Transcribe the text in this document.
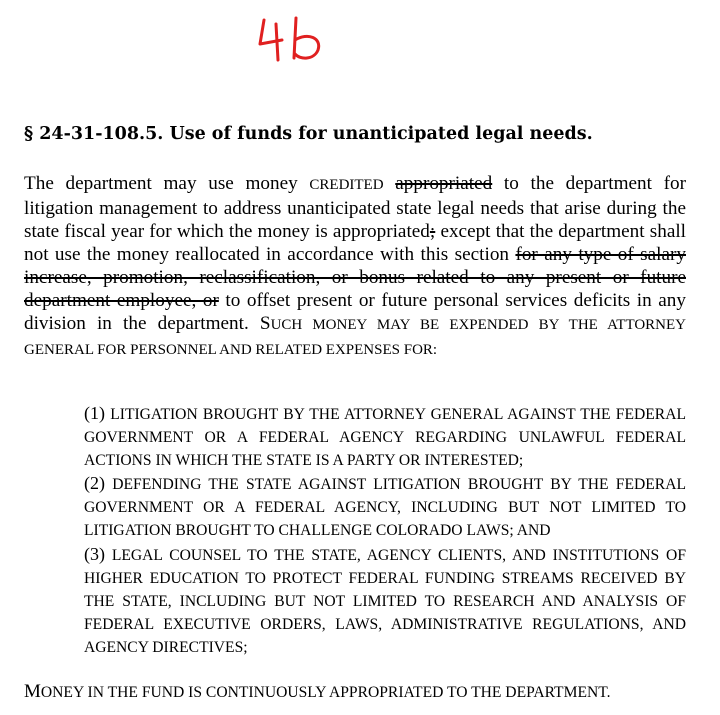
§ 24-31-108.5. Use of funds for unanticipated legal needs.
The department may use money CREDITED appropriated to the department for litigation management to address unanticipated state legal needs that arise during the state fiscal year for which the money is appropriated; except that the department shall not use the money reallocated in accordance with this section for any type of salary increase, promotion, reclassification, or bonus related to any present or future department employee, or to offset present or future personal services deficits in any division in the department. SUCH MONEY MAY BE EXPENDED BY THE ATTORNEY GENERAL FOR PERSONNEL AND RELATED EXPENSES FOR:
(1) LITIGATION BROUGHT BY THE ATTORNEY GENERAL AGAINST THE FEDERAL GOVERNMENT OR A FEDERAL AGENCY REGARDING UNLAWFUL FEDERAL ACTIONS IN WHICH THE STATE IS A PARTY OR INTERESTED;
(2) DEFENDING THE STATE AGAINST LITIGATION BROUGHT BY THE FEDERAL GOVERNMENT OR A FEDERAL AGENCY, INCLUDING BUT NOT LIMITED TO LITIGATION BROUGHT TO CHALLENGE COLORADO LAWS; AND
(3) LEGAL COUNSEL TO THE STATE, AGENCY CLIENTS, AND INSTITUTIONS OF HIGHER EDUCATION TO PROTECT FEDERAL FUNDING STREAMS RECEIVED BY THE STATE, INCLUDING BUT NOT LIMITED TO RESEARCH AND ANALYSIS OF FEDERAL EXECUTIVE ORDERS, LAWS, ADMINISTRATIVE REGULATIONS, AND AGENCY DIRECTIVES;
MONEY IN THE FUND IS CONTINUOUSLY APPROPRIATED TO THE DEPARTMENT.
